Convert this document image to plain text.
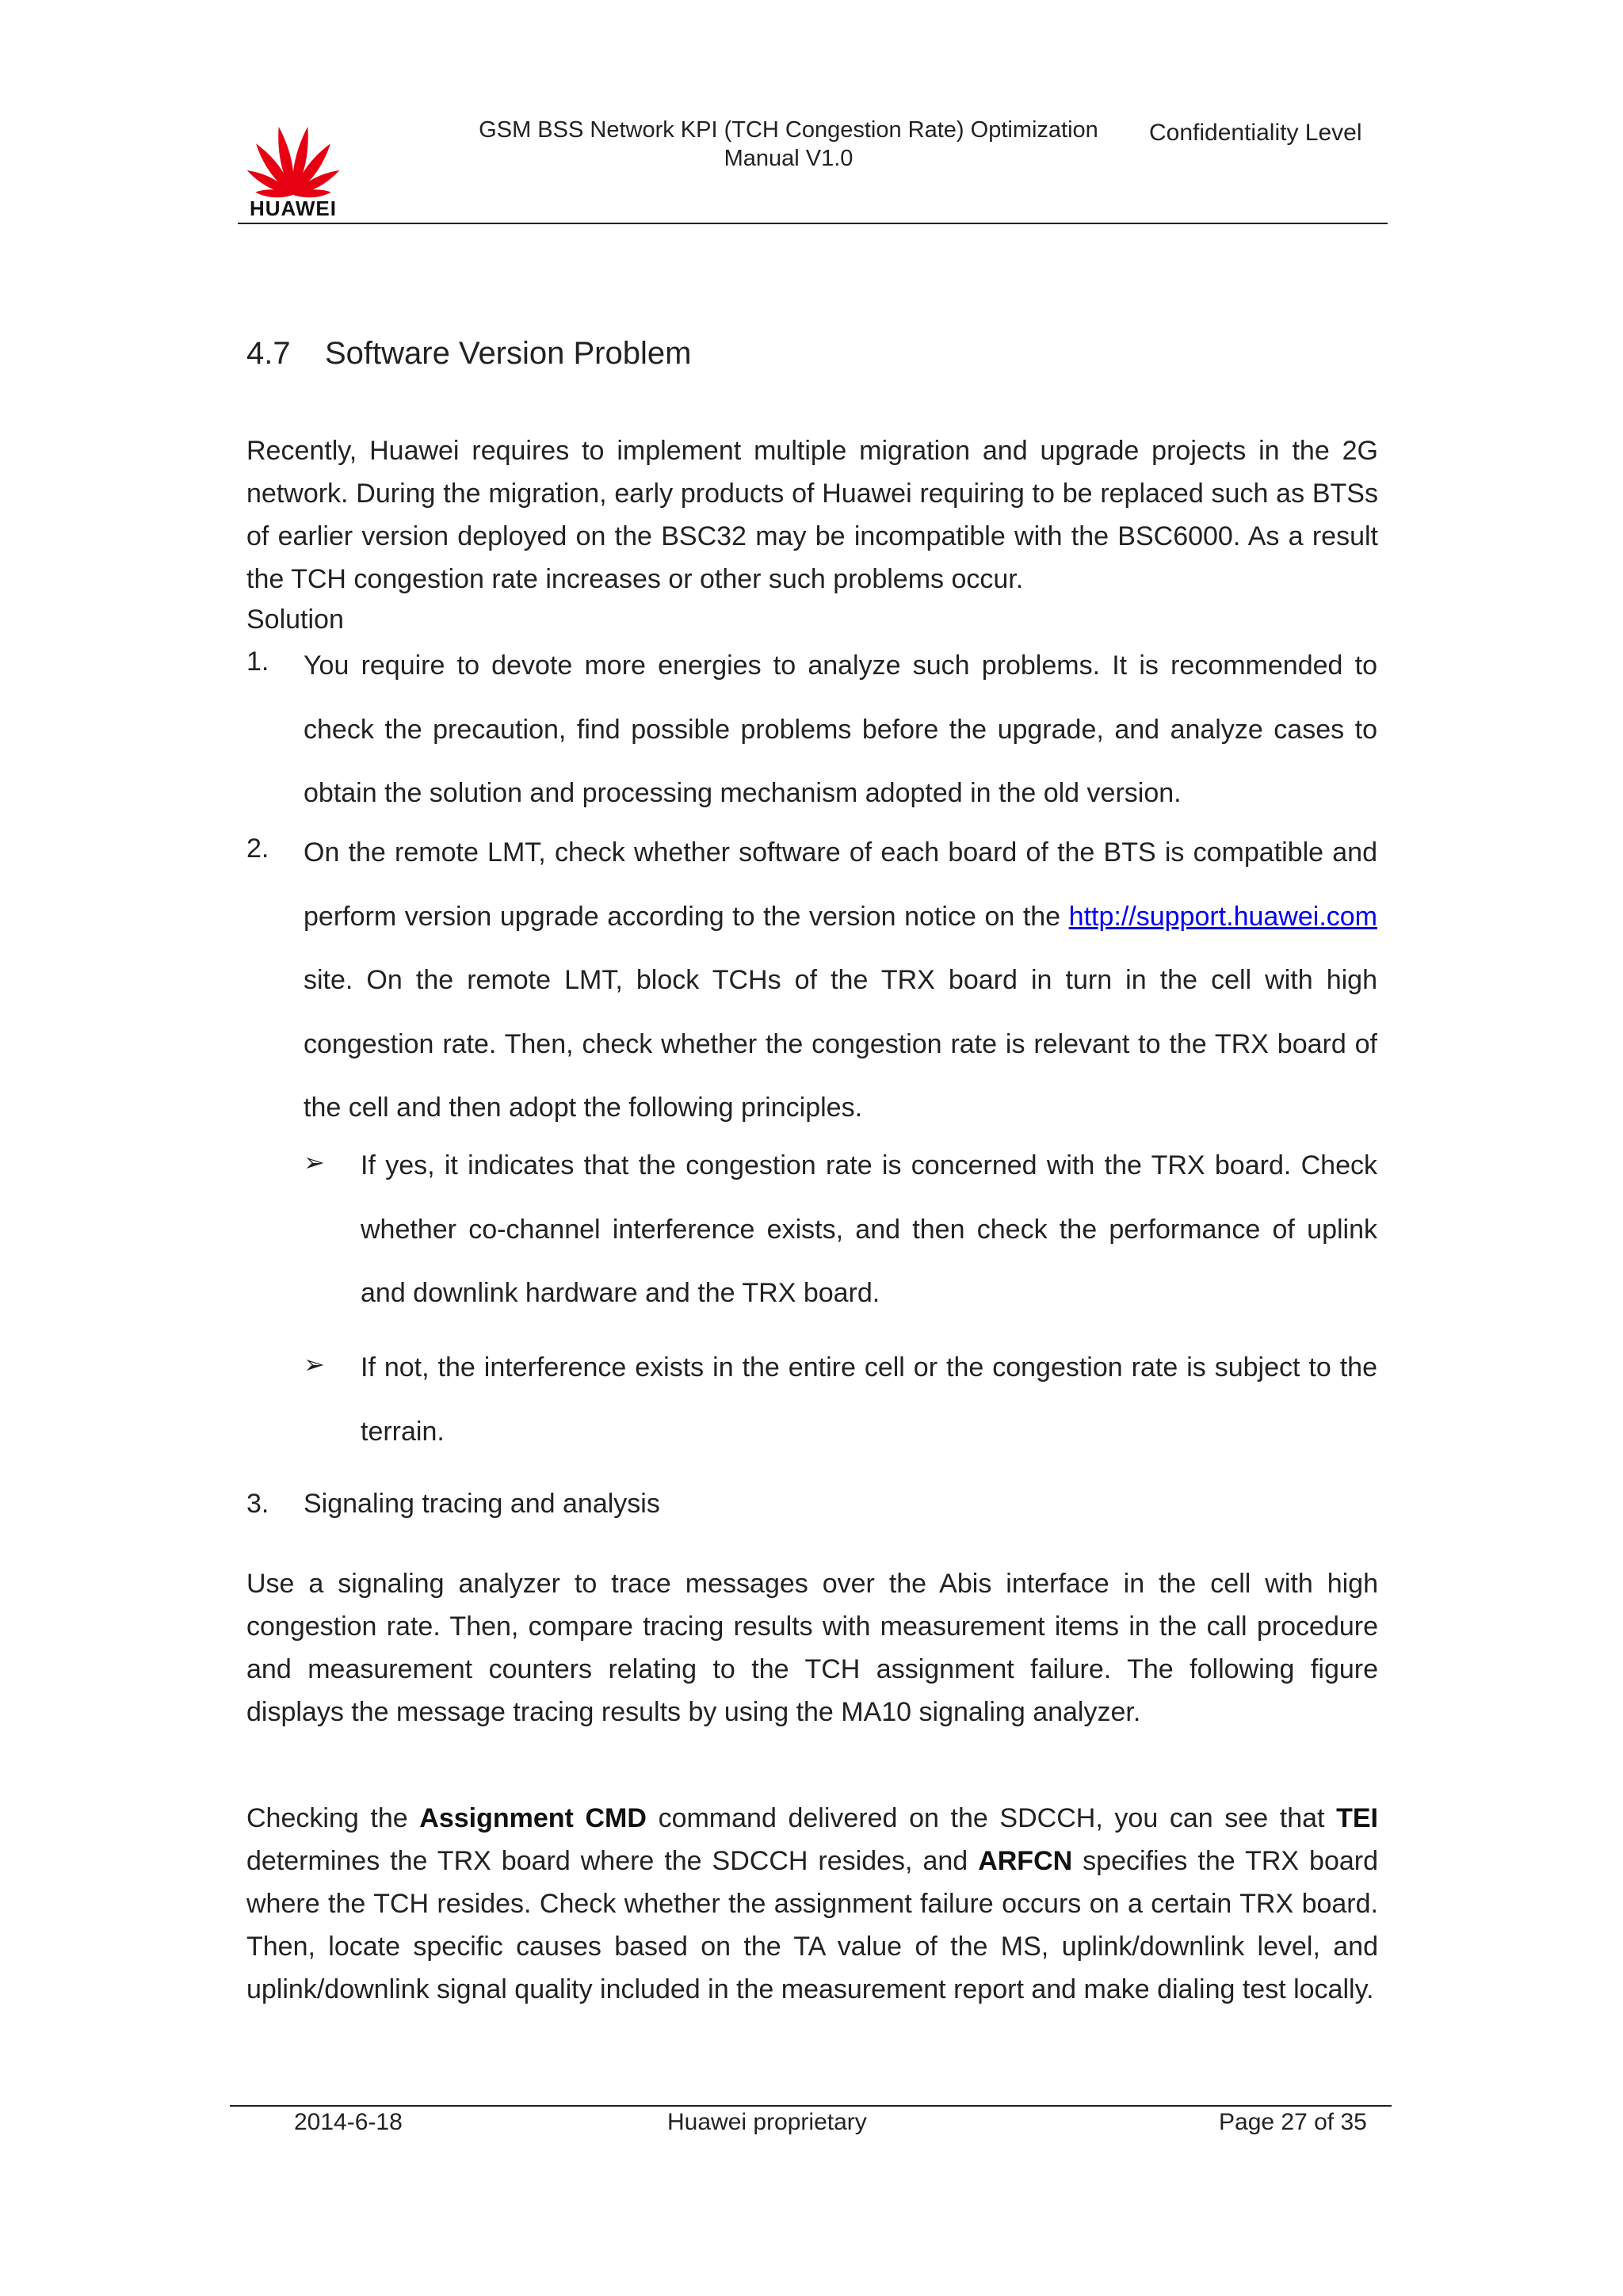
HUAWEI
GSM BSS Network KPI (TCH Congestion Rate) Optimization
Manual V1.0
Confidentiality Level
4.7 Software Version Problem
Recently, Huawei requires to implement multiple migration and upgrade projects in the 2G network. During the migration, early products of Huawei requiring to be replaced such as BTSs of earlier version deployed on the BSC32 may be incompatible with the BSC6000. As a result the TCH congestion rate increases or other such problems occur.
Solution
1. You require to devote more energies to analyze such problems. It is recommended to check the precaution, find possible problems before the upgrade, and analyze cases to obtain the solution and processing mechanism adopted in the old version.
2. On the remote LMT, check whether software of each board of the BTS is compatible and perform version upgrade according to the version notice on the http://support.huawei.com site. On the remote LMT, block TCHs of the TRX board in turn in the cell with high congestion rate. Then, check whether the congestion rate is relevant to the TRX board of the cell and then adopt the following principles.
➢ If yes, it indicates that the congestion rate is concerned with the TRX board. Check whether co-channel interference exists, and then check the performance of uplink and downlink hardware and the TRX board.
➢ If not, the interference exists in the entire cell or the congestion rate is subject to the terrain.
3. Signaling tracing and analysis
Use a signaling analyzer to trace messages over the Abis interface in the cell with high congestion rate. Then, compare tracing results with measurement items in the call procedure and measurement counters relating to the TCH assignment failure. The following figure displays the message tracing results by using the MA10 signaling analyzer.
Checking the Assignment CMD command delivered on the SDCCH, you can see that TEI determines the TRX board where the SDCCH resides, and ARFCN specifies the TRX board where the TCH resides. Check whether the assignment failure occurs on a certain TRX board. Then, locate specific causes based on the TA value of the MS, uplink/downlink level, and uplink/downlink signal quality included in the measurement report and make dialing test locally.
2014-6-18	Huawei proprietary	Page 27 of 35
